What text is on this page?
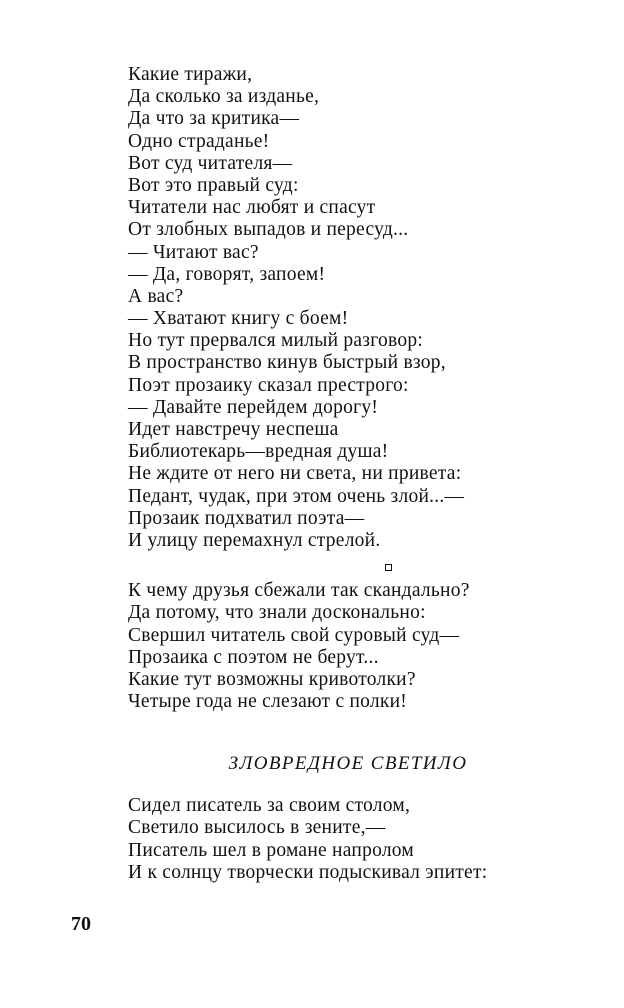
Какие тиражи,
Да сколько за изданье,
Да что за критика—
Одно страданье!
Вот суд читателя—
Вот это правый суд:
Читатели нас любят и спасут
От злобных выпадов и пересуд...
— Читают вас?
— Да, говорят, запоем!
А вас?
— Хватают книгу с боем!
Но тут прервался милый разговор:
В пространство кинув быстрый взор,
Поэт прозаику сказал престрого:
— Давайте перейдем дорогу!
Идет навстречу неспеша
Библиотекарь—вредная душа!
Не ждите от него ни света, ни привета:
Педант, чудак, при этом очень злой...—
Прозаик подхватил поэта—
И улицу перемахнул стрелой.
К чему друзья сбежали так скандально?
Да потому, что знали досконально:
Свершил читатель свой суровый суд—
Прозаика с поэтом не берут...
Какие тут возможны кривотолки?
Четыре года не слезают с полки!
ЗЛОВРЕДНОЕ СВЕТИЛО
Сидел писатель за своим столом,
Светило высилось в зените,—
Писатель шел в романе напролом
И к солнцу творчески подыскивал эпитет:
70
